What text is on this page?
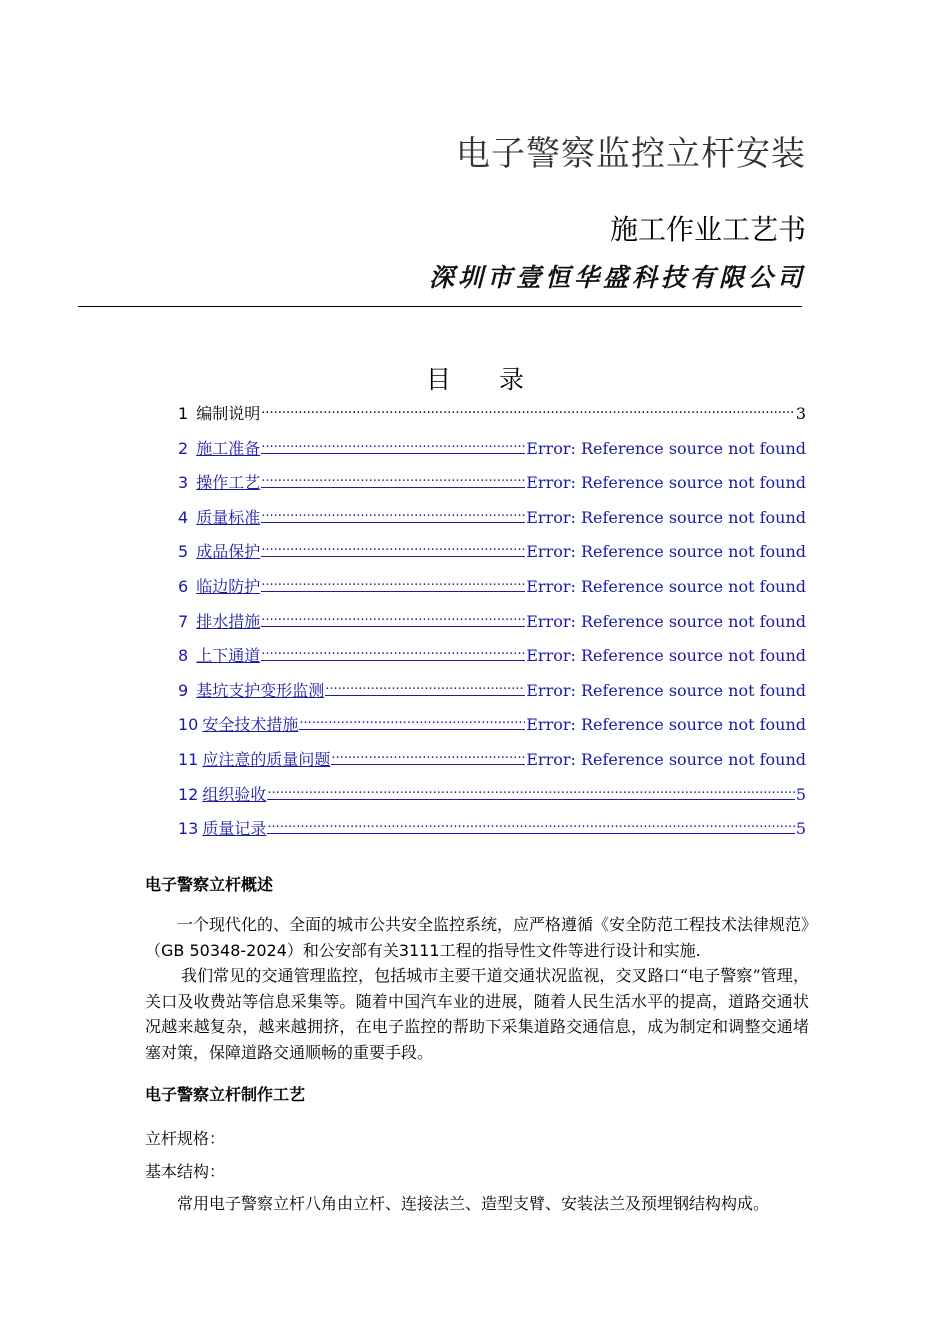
电子警察监控立杆安装
施工作业工艺书
深圳市壹恒华盛科技有限公司
目 录
1 编制说明 .....	3
2 施工准备 .....	Error: Reference source not found
3 操作工艺 .....	Error: Reference source not found
4 质量标准 .....	Error: Reference source not found
5 成品保护 .....	Error: Reference source not found
6 临边防护 .....	Error: Reference source not found
7 排水措施 .....	Error: Reference source not found
8 上下通道 .....	Error: Reference source not found
9 基坑支护变形监测 .....	Error: Reference source not found
10 安全技术措施 .....	Error: Reference source not found
11 应注意的质量问题 .....	Error: Reference source not found
12 组织验收 .....	5
13 质量记录 .....	5
电子警察立杆概述
一个现代化的、全面的城市公共安全监控系统，应严格遵循《安全防范工程技术法律规范》（GB 50348-2024）和公安部有关3111工程的指导性文件等进行设计和实施.
我们常见的交通管理监控，包括城市主要干道交通状况监视，交叉路口“电子警察”管理，关口及收费站等信息采集等。随着中国汽车业的进展，随着人民生活水平的提高，道路交通状况越来越复杂，越来越拥挤，在电子监控的帮助下采集道路交通信息，成为制定和调整交通堵塞对策，保障道路交通顺畅的重要手段。
电子警察立杆制作工艺
立杆规格：
基本结构：
常用电子警察立杆八角由立杆、连接法兰、造型支臂、安装法兰及预埋钢结构构成。
